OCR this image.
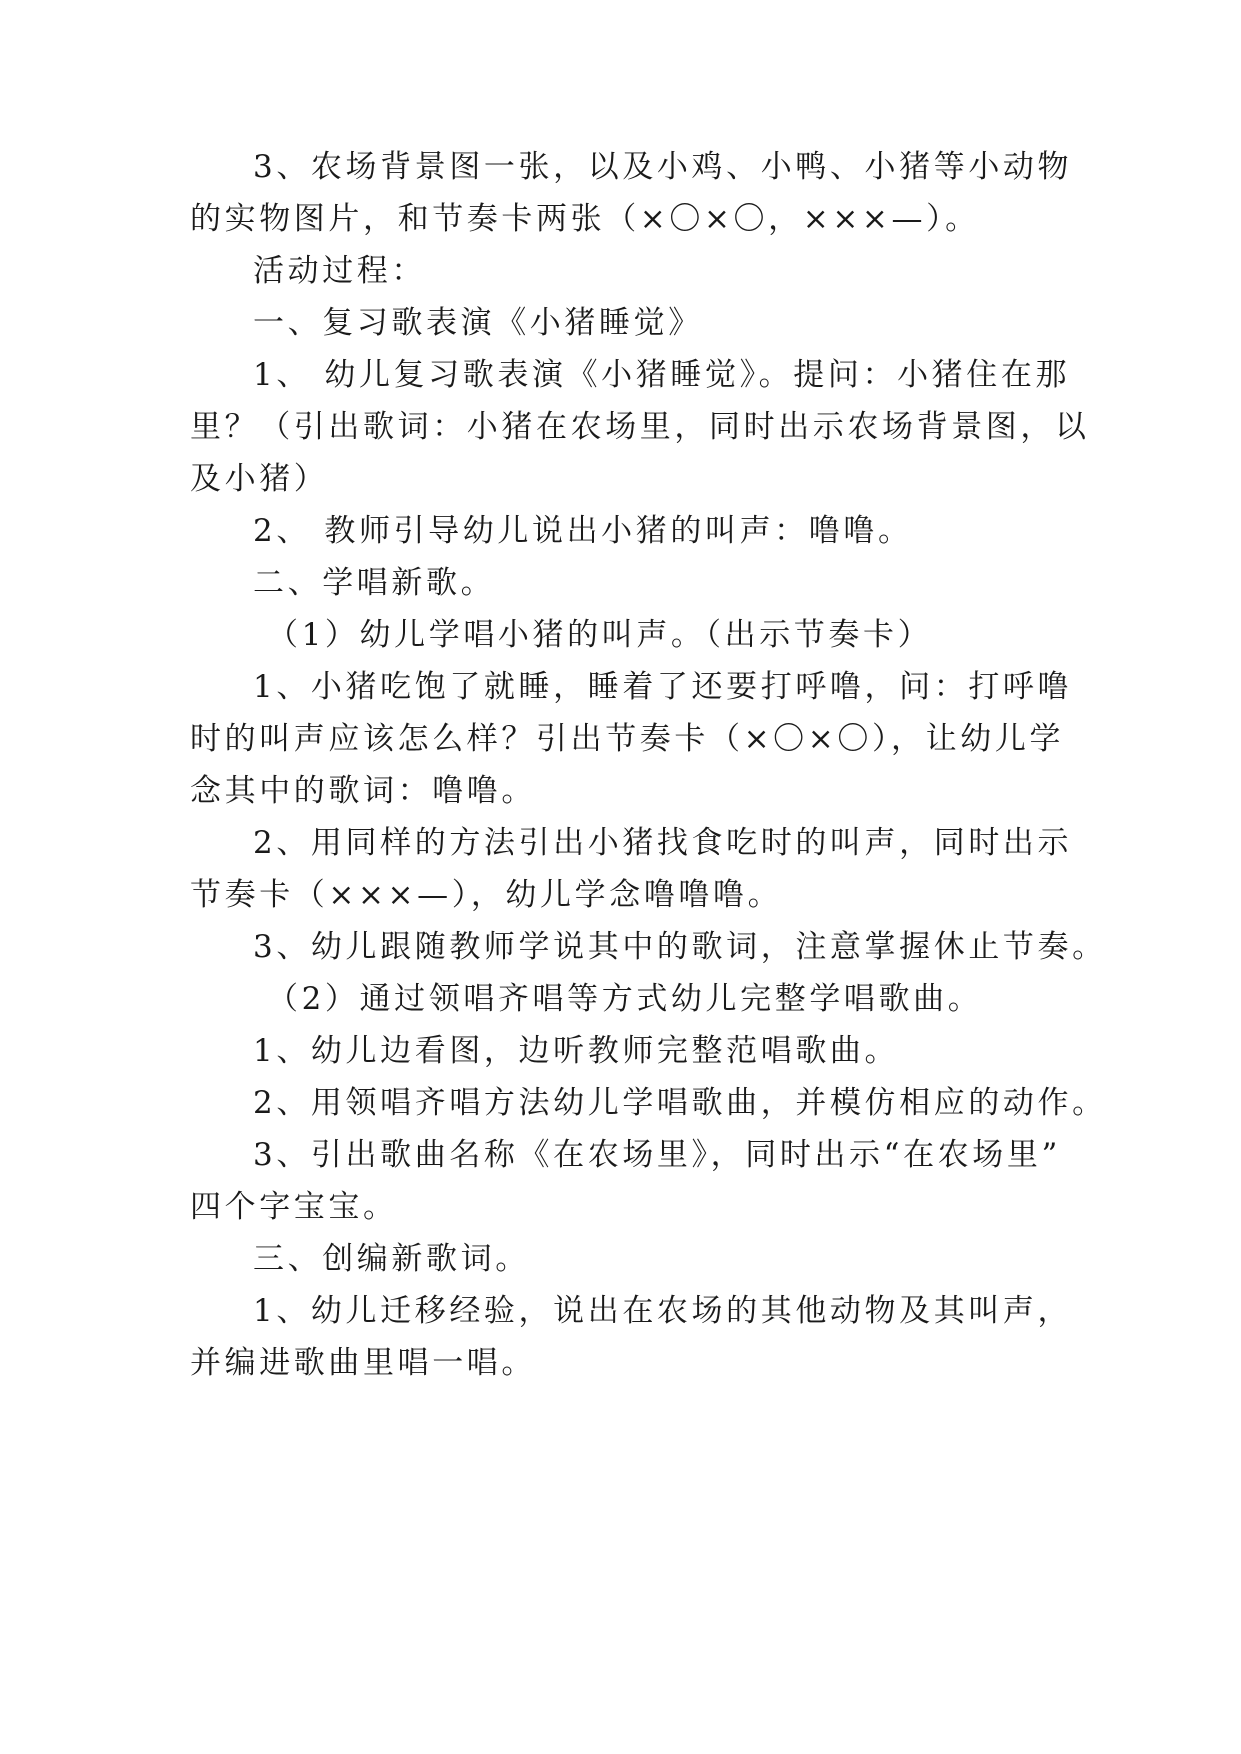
3、农场背景图一张，以及小鸡、小鸭、小猪等小动物
的实物图片，和节奏卡两张（×〇×〇，×××—）。
活动过程：
一、复习歌表演《小猪睡觉》
1、 幼儿复习歌表演《小猪睡觉》。提问：小猪住在那
里？（引出歌词：小猪在农场里，同时出示农场背景图，以
及小猪）
2、 教师引导幼儿说出小猪的叫声：噜噜。
二、学唱新歌。
（1）幼儿学唱小猪的叫声。（出示节奏卡）
1、小猪吃饱了就睡，睡着了还要打呼噜，问：打呼噜
时的叫声应该怎么样？引出节奏卡（×〇×〇），让幼儿学
念其中的歌词：噜噜。
2、用同样的方法引出小猪找食吃时的叫声，同时出示
节奏卡（×××—），幼儿学念噜噜噜。
3、幼儿跟随教师学说其中的歌词，注意掌握休止节奏。
（2）通过领唱齐唱等方式幼儿完整学唱歌曲。
1、幼儿边看图，边听教师完整范唱歌曲。
2、用领唱齐唱方法幼儿学唱歌曲，并模仿相应的动作。
3、引出歌曲名称《在农场里》，同时出示“在农场里”
四个字宝宝。
三、创编新歌词。
1、幼儿迁移经验，说出在农场的其他动物及其叫声，
并编进歌曲里唱一唱。
